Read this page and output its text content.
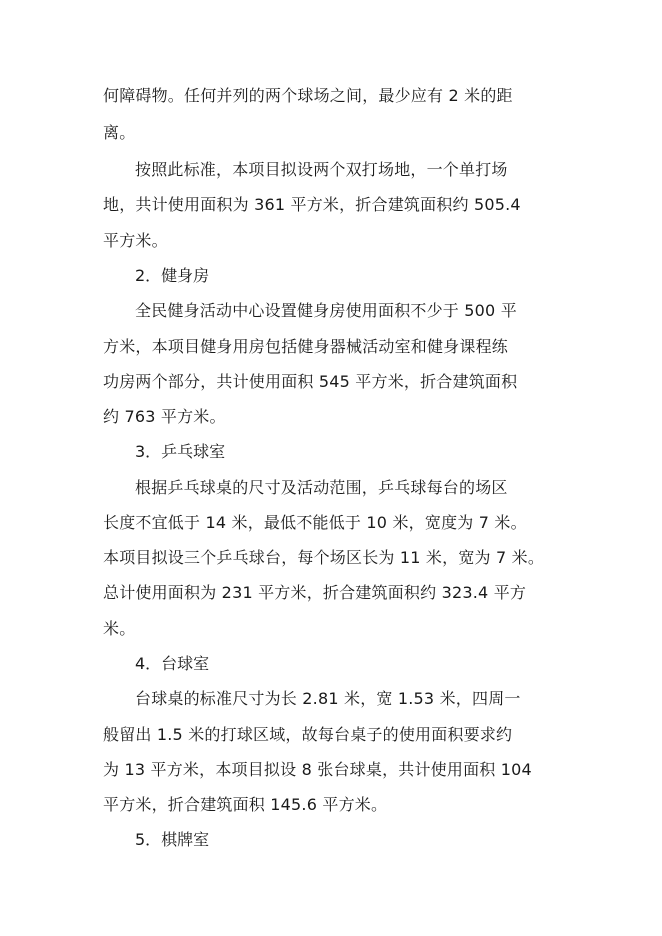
何障碍物。任何并列的两个球场之间，最少应有 2 米的距
离。
按照此标准，本项目拟设两个双打场地，一个单打场
地，共计使用面积为 361 平方米，折合建筑面积约 505.4
平方米。
2．健身房
全民健身活动中心设置健身房使用面积不少于 500 平
方米，本项目健身用房包括健身器械活动室和健身课程练
功房两个部分，共计使用面积 545 平方米，折合建筑面积
约 763 平方米。
3．乒乓球室
根据乒乓球桌的尺寸及活动范围，乒乓球每台的场区
长度不宜低于 14 米，最低不能低于 10 米，宽度为 7 米。
本项目拟设三个乒乓球台，每个场区长为 11 米，宽为 7 米。
总计使用面积为 231 平方米，折合建筑面积约 323.4 平方
米。
4．台球室
台球桌的标准尺寸为长 2.81 米，宽 1.53 米，四周一
般留出 1.5 米的打球区域，故每台桌子的使用面积要求约
为 13 平方米，本项目拟设 8 张台球桌，共计使用面积 104
平方米，折合建筑面积 145.6 平方米。
5．棋牌室
